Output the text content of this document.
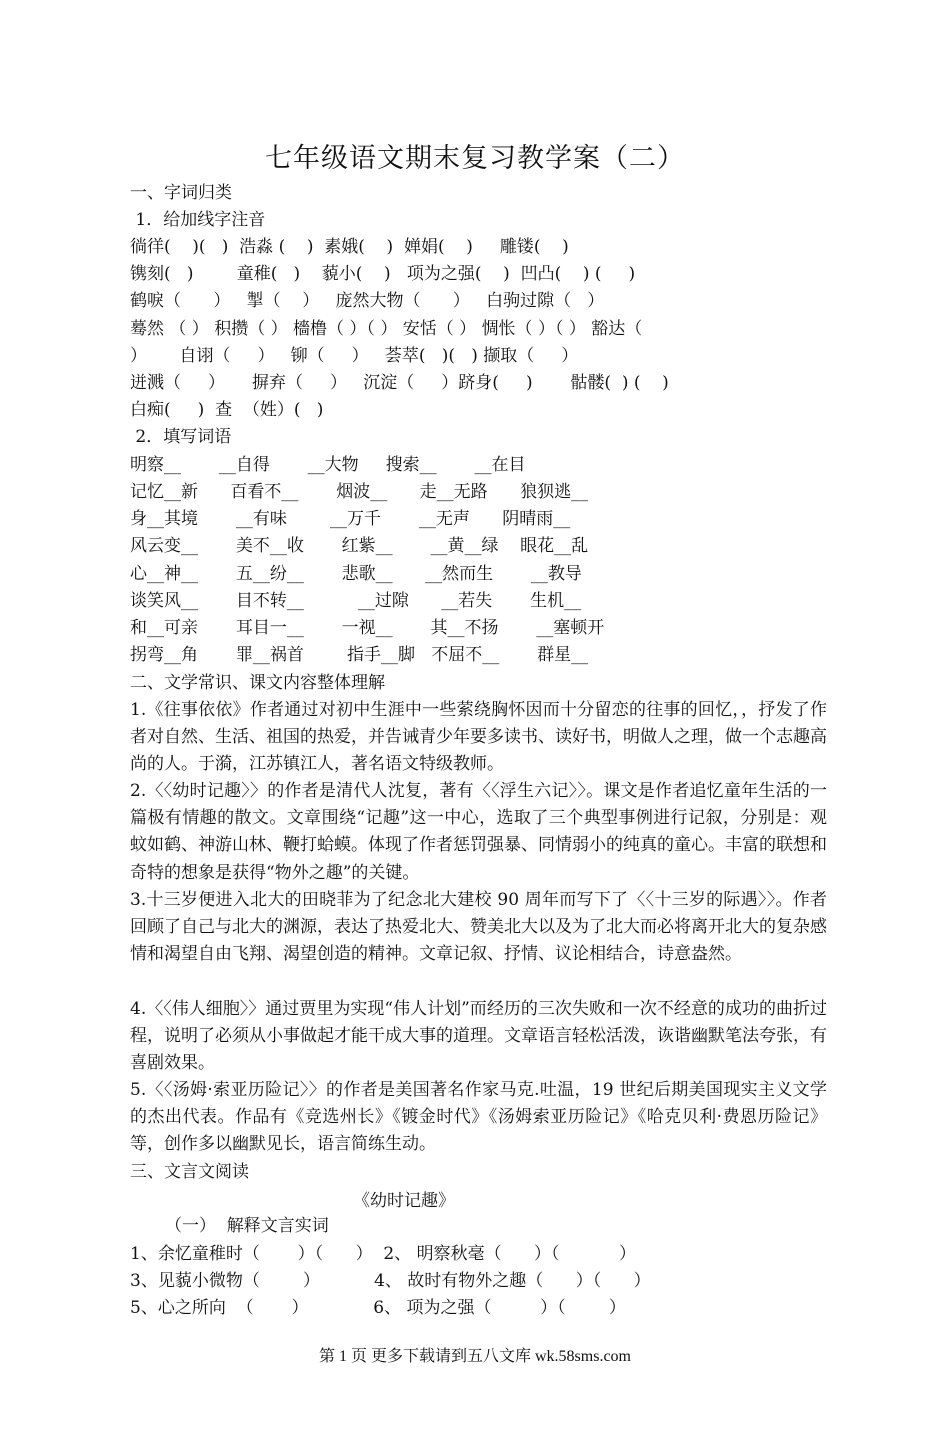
七年级语文期末复习教学案（二）
一、字词归类
1．给加线字注音
徜徉(    )(   )  浩淼 (    )  素娥(    )  婵娟(    )     雕镂(    )
镌刻(   )        童稚(   )    藐小(    )   项为之强(    )  凹凸(    ) (     )
鹤唳（      ）   掣（    ）   庞然大物（      ）   白驹过隙（   ）
蓦然 （ ） 积攒（ ） 檣橹（ ）（ ） 安恬（ ） 惆怅（ ）（ ） 豁达（
）      自诩（     ）   铆（     ）   荟萃(   )(   ) 撷取（     ）
迸溅（     ）     摒弃（     ）   沉淀（     ）跻身(     )       骷髅(  ) (    )
白痴(     )  查  （姓）(   )
2．填写词语
明察__       __自得       __大物     搜索__       __在目
记忆__新      百看不__       烟波__      走__无路      狼狈逃__
身__其境       __有味        __万千       __无声      阴晴雨__
风云变__       美不__收       红紫__       __黄__绿    眼花__乱
心__神__       五__纷__       悲歌__      __然而生       __教导
谈笑风__       目不转__          __过隙      __若失       生机__
和__可亲       耳目一__       一视__       其__不扬       __塞顿开
拐弯__角       罪__祸首        指手__脚   不屈不__       群星__
二、文学常识、课文内容整体理解
1.《往事依依》作者通过对初中生涯中一些萦绕胸怀因而十分留恋的往事的回忆，，抒发了作者对自然、生活、祖国的热爱，并告诫青少年要多读书、读好书，明做人之理，做一个志趣高尚的人。于漪，江苏镇江人，著名语文特级教师。
2.〈〈幼时记趣〉〉的作者是清代人沈复，著有〈〈浮生六记〉〉。课文是作者追忆童年生活的一篇极有情趣的散文。文章围绕“记趣”这一中心，选取了三个典型事例进行记叙，分别是：观蚊如鹤、神游山林、鞭打蛤蟆。体现了作者惩罚强暴、同情弱小的纯真的童心。丰富的联想和奇特的想象是获得“物外之趣”的关键。
3.十三岁便进入北大的田晓菲为了纪念北大建校 90 周年而写下了〈〈十三岁的际遇〉〉。作者回顾了自己与北大的渊源，表达了热爱北大、赞美北大以及为了北大而必将离开北大的复杂感情和渴望自由飞翔、渴望创造的精神。文章记叙、抒情、议论相结合，诗意盎然。
4.〈〈伟人细胞〉〉通过贾里为实现“伟人计划”而经历的三次失败和一次不经意的成功的曲折过程，说明了必须从小事做起才能干成大事的道理。文章语言轻松活泼，诙谐幽默笔法夸张，有喜剧效果。
5.〈〈汤姆·索亚历险记〉〉的作者是美国著名作家马克.吐温，19 世纪后期美国现实主义文学的杰出代表。作品有《竞选州长》《镀金时代》《汤姆索亚历险记》《哈克贝利·费恩历险记》等，创作多以幽默见长，语言简练生动。
三、文言文阅读
《幼时记趣》
（一）  解释文言实词
1、余忆童稚时（       ）（      ）  2、 明察秋毫（      ）（           ）
3、见藐小微物（        ）          4、 故时有物外之趣（      ）（      ）
5、心之所向  （       ）            6、 项为之强（         ）（        ）
第 1 页 更多下载请到五八文库 wk.58sms.com
